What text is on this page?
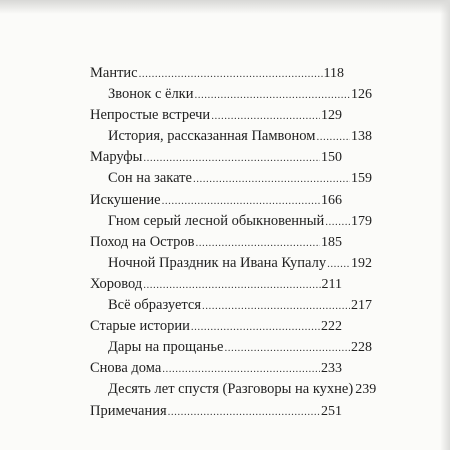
Мантис .....	118
Звонок с ёлки .....	126
Непростые встречи .....	129
История, рассказанная Памвоном .....	138
Маруфы .....	150
Сон на закате .....	159
Искушение .....	166
Гном серый лесной обыкновенный ..... 179
Поход на Остров .....	185
Ночной Праздник на Ивана Купалу ..... 192
Хоровод .....	211
Всё образуется .....	217
Старые истории .....	222
Дары на прощанье .....	228
Снова дома .....	233
Десять лет спустя (Разговоры на кухне) 239
Примечания .....	251
